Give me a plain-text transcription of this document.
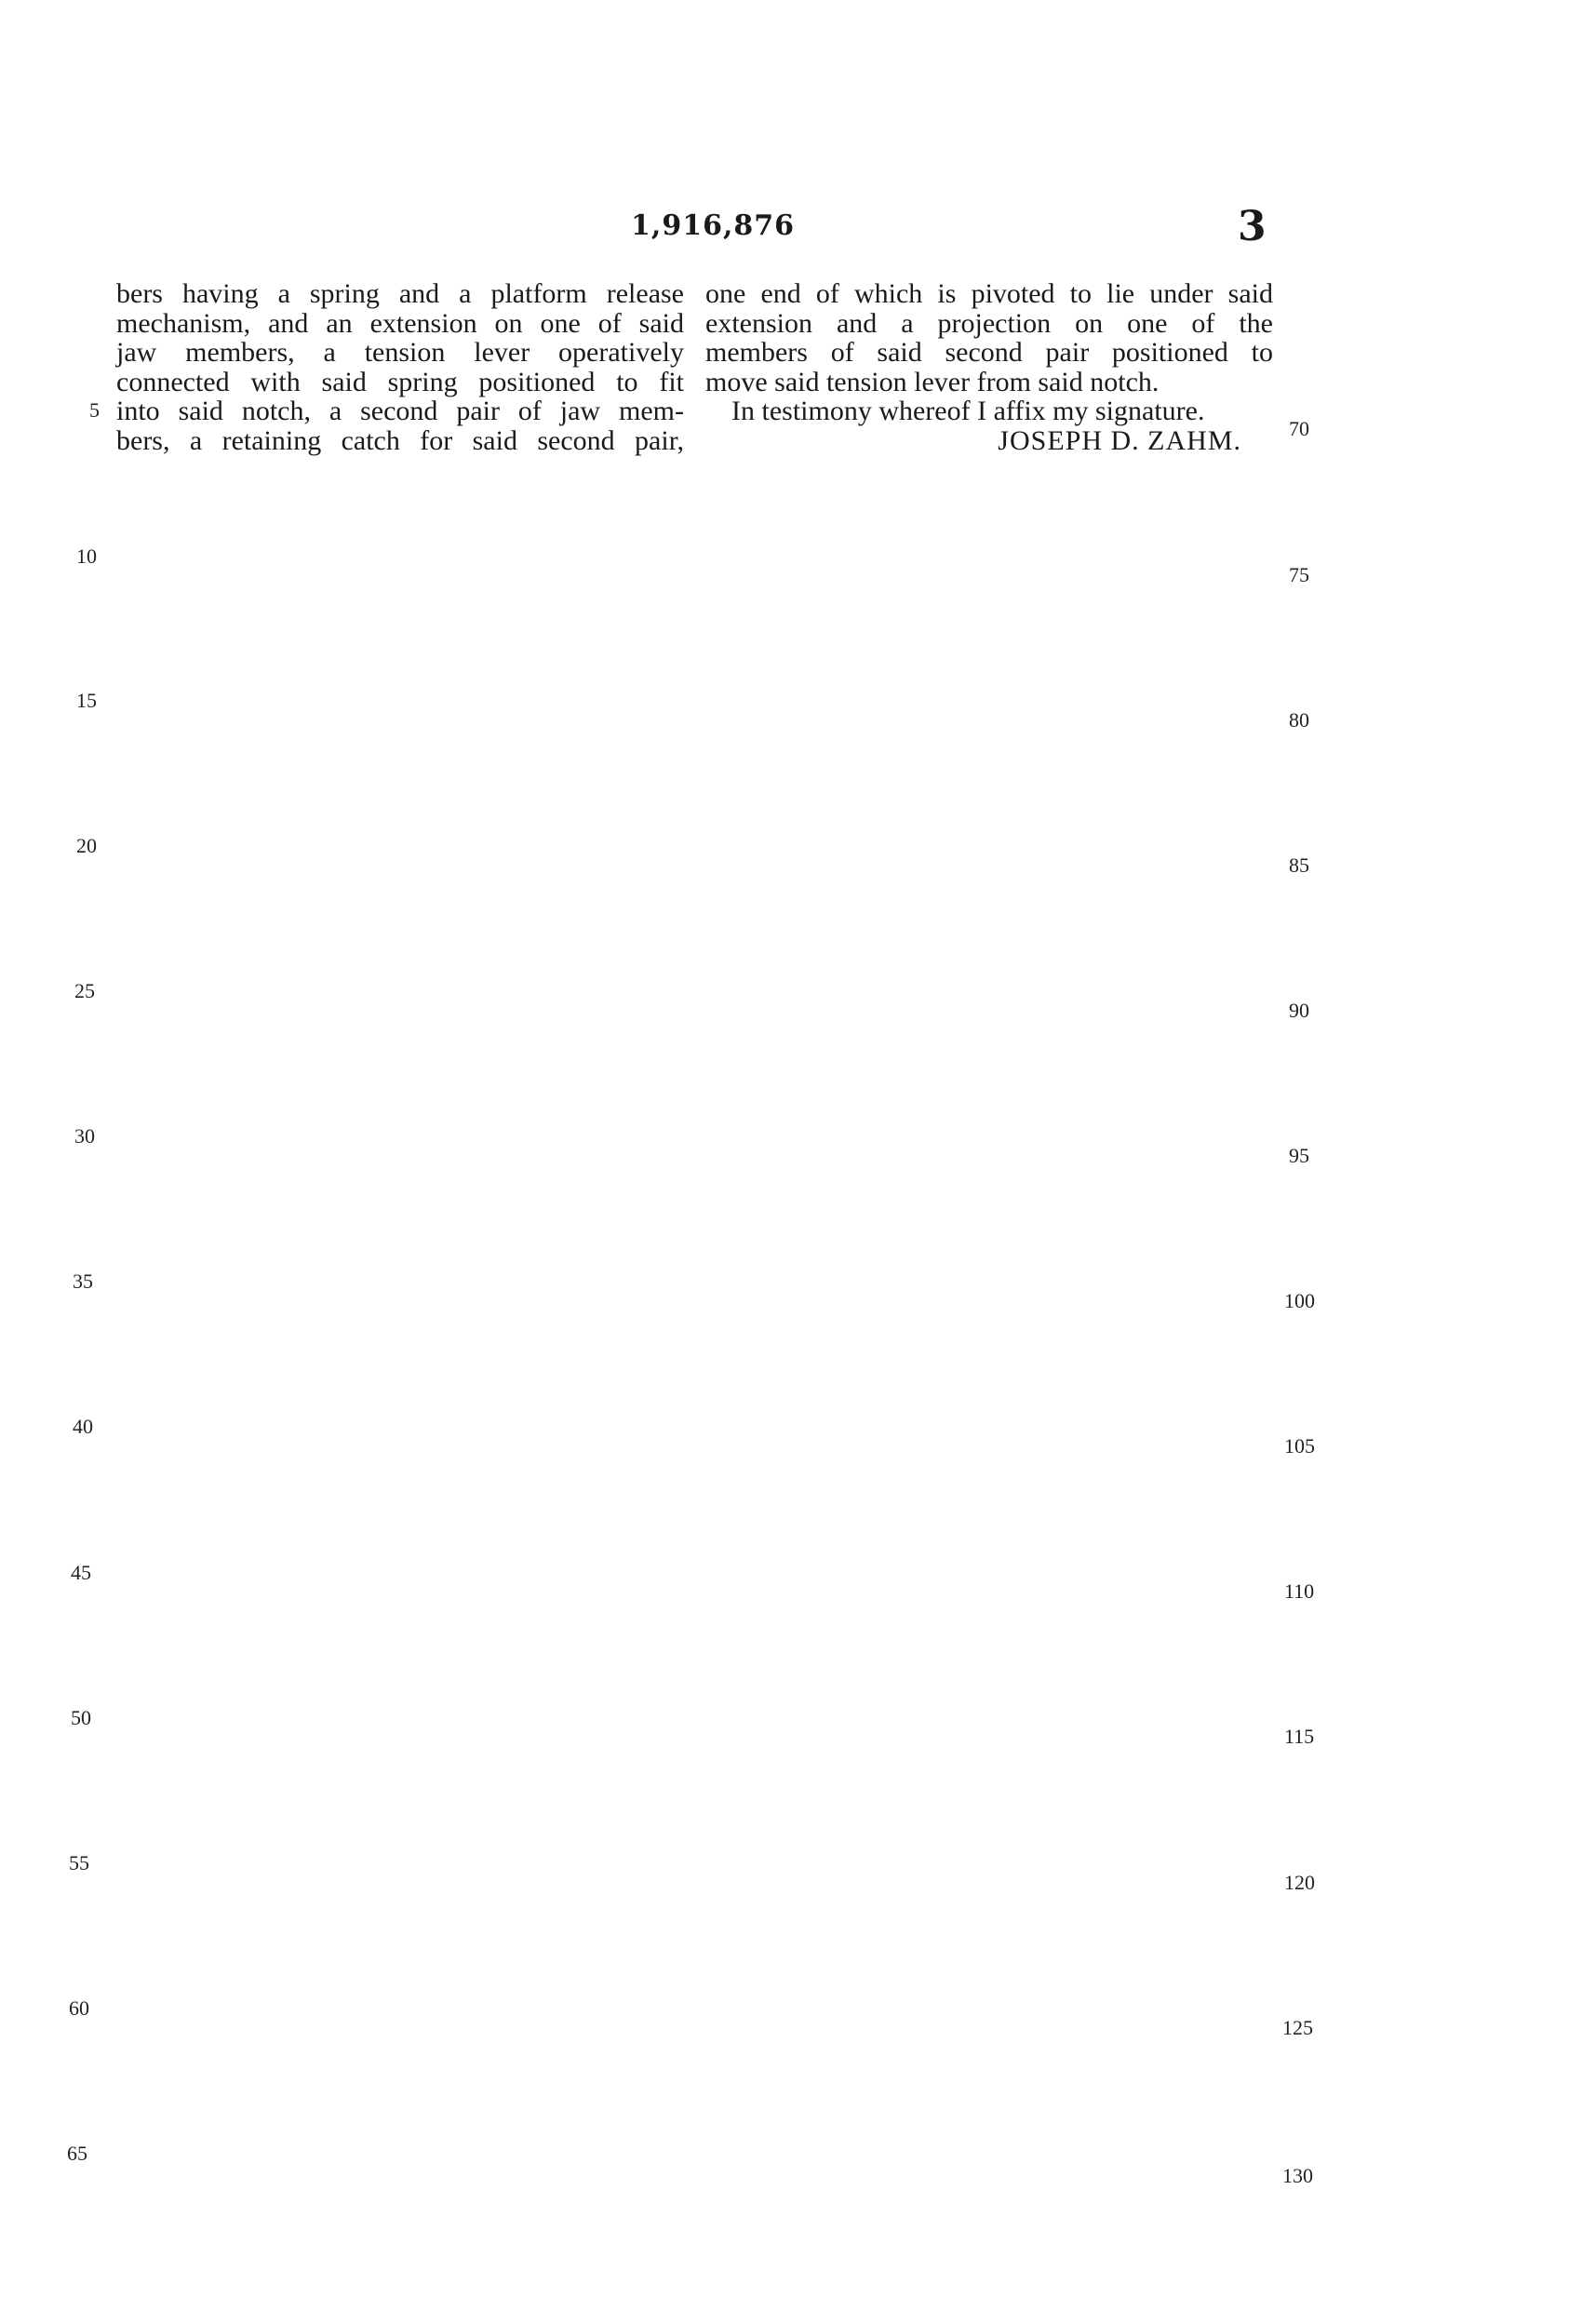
1,916,876	3
bers having a spring and a platform release
mechanism, and an extension on one of said
jaw members, a tension lever operatively
connected with said spring positioned to fit
into said notch, a second pair of jaw mem-
bers, a retaining catch for said second pair,
one end of which is pivoted to lie under said
extension and a projection on one of the
members of said second pair positioned to
move said tension lever from said notch.
In testimony whereof I affix my signature.
JOSEPH D. ZAHM.
5
10
15
20
25
30
35
40
45
50
55
60
65
70
75
80
85
90
95
100
105
110
115
120
125
130
